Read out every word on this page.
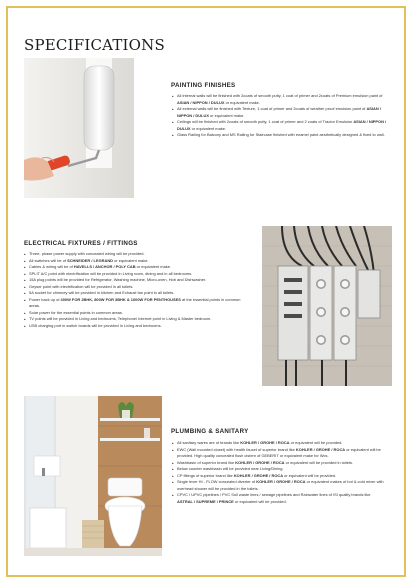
SPECIFICATIONS
PAINTING FINISHES
• All internal walls will be finished with 2coats of smooth putty, 1 coat of primer and 2coats of Premium emulsion paint of ASIAN / NIPPON / DULUX or equivalent make.
• All external walls will be finished with Texture, 1 coat of primer and 2coats of weather proof emulsion paint of ASIAN / NIPPON / DULUX or equivalent make.
• Ceilings will be finished with 2coats of smooth putty, 1 coat of primer and 2 coats of Tractor Emulsion ASIAN / NIPPON / DULUX or equivalent make.
• Glass Railing for Balcony and MS Railing for Staircase finished with enamel paint aesthetically designed & fixed to wall.
ELECTRICAL FIXTURES / FITTINGS
• Three- phase power supply with concealed wiring will be provided.
• All switches will be of SCHNEIDER / LEGRAND or equivalent make.
• Cables & wiring will be of HAVELLS / ANCHOR / POLY CAB or equivalent make.
• SPLIT A/C point with electrification will be provided in Living room, dining and in all bedrooms.
• 15A plug points will be provided for Refrigerator, Washing machine, Micro-oven, Hob and Dishwasher.
• Geyser point with electrification will be provided in all toilets.
• 5A socket for chimney will be provided in kitchen and Exhaust fan point in all toilets.
• Power back up of 400W FOR 2BHK, 800W FOR 3BHK & 1000W FOR PENTHOUSES at the essential points in common areas.
• Solar power for the essential points in common areas.
• TV points will be provided in Living and bedrooms, Telephone/ Internet point in Living & Master bedroom.
• USB charging port in switch boards will be provided in Living and bedrooms.
PLUMBING & SANITARY
• All sanitary wares are of brands like KOHLER / GROHE / ROCA or equivalent will be provided.
• EWC (Wall mounted closet) with health faucet of superior brand like KOHLER / GROHE / ROCA or equivalent will be provided. High quality concealed flush cistern of GEBERIT or equivalent make for Wcs.
• Washbasin of superior brand like KOHLER / GROHE / ROCA or equivalent will be provided in toilets.
• Below counter washbasin will be provided near Living/Dining.
• CP fittings of superior brand like KOHLER / GROHE / ROCA or equivalent will be provided.
• Single lever HI - FLOW concealed diverter of KOHLER / GROHE / ROCA or equivalent makes of hot & cold mixer with overhead shower will be provided in the toilets.
• CPVC / UPVC pipelines / PVC Soil waste lines / sewage pipelines and Rainwater lines of ISI quality brands like ASTRAL / SUPREME / PRINCE or equivalent will be provided.
